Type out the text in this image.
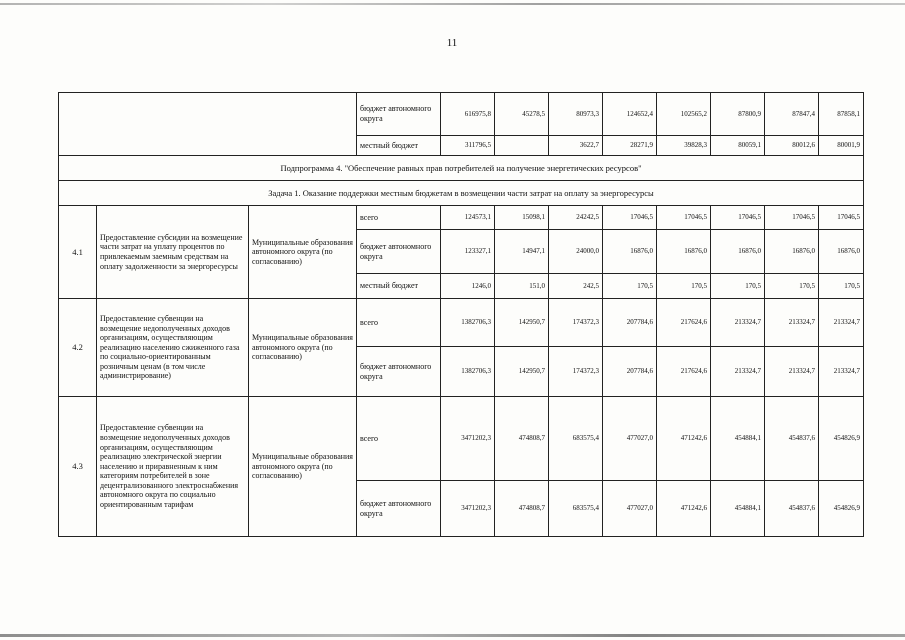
11
			бюджет автономного округа	616975,8	45278,5	80973,3	124652,4	102565,2	87800,9	87847,4	87858,1
			местный бюджет	311796,5		3622,7	28271,9	39828,3	80059,1	80012,6	80001,9
Подпрограмма 4. "Обеспечение равных прав потребителей на получение энергетических ресурсов"											
Задача 1. Оказание поддержки местным бюджетам в возмещении части затрат на оплату за энергоресурсы											
4.1	Предоставление субсидии на возмещение части затрат на уплату процентов по привлекаемым заемным средствам на оплату задолженности за энергоресурсы	Муниципальные образования автономного округа (по согласованию)	всего	124573,1	15098,1	24242,5	17046,5	17046,5	17046,5	17046,5	17046,5
			бюджет автономного округа	123327,1	14947,1	24000,0	16876,0	16876,0	16876,0	16876,0	16876,0
			местный бюджет	1246,0	151,0	242,5	170,5	170,5	170,5	170,5	170,5
4.2	Предоставление субвенции на возмещение недополученных доходов организациям, осуществляющим реализацию населению сжиженного газа по социально-ориентированным розничным ценам (в том числе администрирование)	Муниципальные образования автономного округа (по согласованию)	всего	1382706,3	142950,7	174372,3	207784,6	217624,6	213324,7	213324,7	213324,7
			бюджет автономного округа	1382706,3	142950,7	174372,3	207784,6	217624,6	213324,7	213324,7	213324,7
4.3	Предоставление субвенции на возмещение недополученных доходов организациям, осуществляющим реализацию электрической энергии населению и приравненным к ним категориям потребителей в зоне децентрализованного электроснабжения автономного округа по социально ориентированным тарифам	Муниципальные образования автономного округа (по согласованию)	всего	3471202,3	474808,7	683575,4	477027,0	471242,6	454884,1	454837,6	454826,9
			бюджет автономного округа	3471202,3	474808,7	683575,4	477027,0	471242,6	454884,1	454837,6	454826,9
